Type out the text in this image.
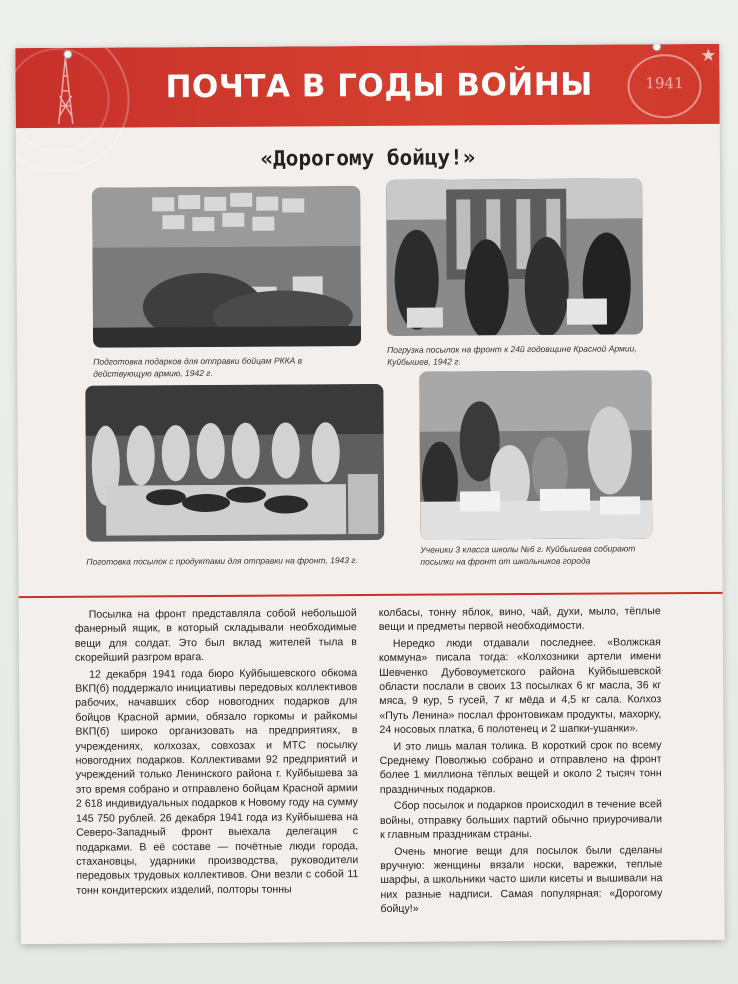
ПОЧТА В ГОДЫ ВОЙНЫ	1941
«Дорогому бойцу!»
Подготовка подарков для отправки бойцам РККА в действующую армию, 1942 г.
Погрузка посылок на фронт к 24й годовщине Красной Армии, Куйбышев, 1942 г.
Поготовка посылок с продуктами для отправки на фронт, 1943 г.
Ученики 3 класса школы №6 г. Куйбышева собирают посылки на фронт от школьников города

Посылка на фронт представляла собой небольшой фанерный ящик, в который складывали необходимые вещи для солдат. Это был вклад жителей тыла в скорейший разгром врага.

12 декабря 1941 года бюро Куйбышевского обкома ВКП(б) поддержало инициативы передовых коллективов рабочих, начавших сбор новогодних подарков для бойцов Красной армии, обязало горкомы и райкомы ВКП(б) широко организовать на предприятиях, в учреждениях, колхозах, совхозах и МТС посылку новогодних подарков. Коллективами 92 предприятий и учреждений только Ленинского района г. Куйбышева за это время собрано и отправлено бойцам Красной армии 2 618 индивидуальных подарков к Новому году на сумму 145 750 рублей. 26 декабря 1941 года из Куйбышева на Северо-Западный фронт выехала делегация с подарками. В её составе — почётные люди города, стахановцы, ударники производства, руководители передовых трудовых коллективов. Они везли с собой 11 тонн кондитерских изделий, полторы тонны

колбасы, тонну яблок, вино, чай, духи, мыло, тёплые вещи и предметы первой необходимости.

Нередко люди отдавали последнее. «Волжская коммуна» писала тогда: «Колхозники артели имени Шевченко Дубовоуметского района Куйбышевской области послали в своих 13 посылках 6 кг масла, 36 кг мяса, 9 кур, 5 гусей, 7 кг мёда и 4,5 кг сала. Колхоз «Путь Ленина» послал фронтовикам продукты, махорку, 24 носовых платка, 6 полотенец и 2 шапки-ушанки».

И это лишь малая толика. В короткий срок по всему Среднему Поволжью собрано и отправлено на фронт более 1 миллиона тёплых вещей и около 2 тысяч тонн праздничных подарков.

Сбор посылок и подарков происходил в течение всей войны, отправку больших партий обычно приурочивали к главным праздникам страны.

Очень многие вещи для посылок были сделаны вручную: женщины вязали носки, варежки, теплые шарфы, а школьники часто шили кисеты и вышивали на них разные надписи. Самая популярная: «Дорогому бойцу!»
